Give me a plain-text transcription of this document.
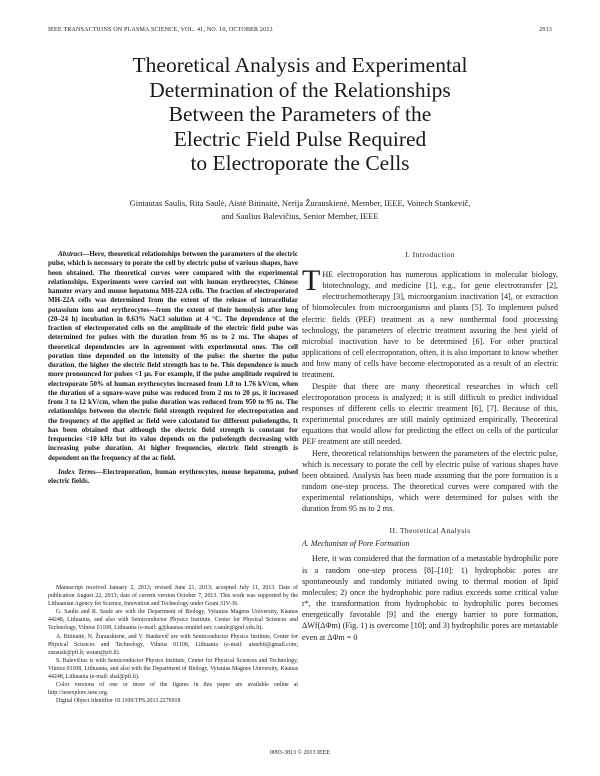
IEEE TRANSACTIONS ON PLASMA SCIENCE, VOL. 41, NO. 10, OCTOBER 2013	2913
Theoretical Analysis and Experimental
Determination of the Relationships
Between the Parameters of the
Electric Field Pulse Required
to Electroporate the Cells
Gintautas Saulis, Rita Saulė, Aistė Bitinaitė, Nerija Žurauskienė, Member, IEEE, Voitech Stankevič,
and Saulius Balevičius, Senior Member, IEEE

Abstract—Here, theoretical relationships between the parameters of the electric pulse, which is necessary to porate the cell by electric pulse of various shapes, have been obtained. The theoretical curves were compared with the experimental relationships. Experiments were carried out with human erythrocytes, Chinese hamster ovary and mouse hepatoma MH-22A cells. The fraction of electroporated MH-22A cells was determined from the extent of the release of intracellular potassium ions and erythrocytes—from the extent of their hemolysis after long (20–24 h) incubation in 0.63% NaCl solution at 4 °C. The dependence of the fraction of electroporated cells on the amplitude of the electric field pulse was determined for pulses with the duration from 95 ns to 2 ms. The shapes of theoretical dependencies are in agreement with experimental ones. The cell poration time depended on the intensity of the pulse: the shorter the pulse duration, the higher the electric field strength has to be. This dependence is much more pronounced for pulses <1 μs. For example, if the pulse amplitude required to electroporate 50% of human erythrocytes increased from 1.0 to 1.76 kV/cm, when the duration of a square-wave pulse was reduced from 2 ms to 20 μs, it increased from 3 to 12 kV/cm, when the pulse duration was reduced from 950 to 95 ns. The relationships between the electric field strength required for electroporation and the frequency of the applied ac field were calculated for different pulselengths. It has been obtained that although the electric field strength is constant for frequencies <10 kHz but its value depends on the pulselength decreasing with increasing pulse duration. At higher frequencies, electric field strength is dependent on the frequency of the ac field.

Index Terms—Electroporation, human erythrocytes, mouse hepatoma, pulsed electric fields.

Manuscript received January 2, 2013; revised June 21, 2013; accepted July 11, 2013. Date of publication August 22, 2013; date of current version October 7, 2013. This work was supported by the Lithuanian Agency for Science, Innovation and Technology under Grant 31V-36.

G. Saulis and R. Saulė are with the Department of Biology, Vytautas Magnus University, Kaunas 44248, Lithuania, and also with Semiconductor Physics Institute, Center for Physical Sciences and Technology, Vilnius 01108, Lithuania (e-mail: g@kaunas.omnitel.net; r.saule@gmf.vdu.lt).

A. Bitinaitė, N. Žurauskienė, and V. Stankevič are with Semiconductor Physics Institute, Center for Physical Sciences and Technology, Vilnius 01108, Lithuania (e-mail: aistebit@gmail.com; zurausk@pfi.lt; wstan@pfi.lt).

S. Balevičius is with Semiconductor Physics Institute, Center for Physical Sciences and Technology, Vilnius 01108, Lithuania, and also with the Department of Biology, Vytautas Magnus University, Kaunas 44248, Lithuania (e-mail: sbal@pfi.lt).

Color versions of one or more of the figures in this paper are available online at http://ieeexplore.ieee.org.

Digital Object Identifier 10.1109/TPS.2013.2276918

I. Introduction

THE electroporation has numerous applications in molecular biology, biotechnology, and medicine [1], e.g., for gene electrotransfer [2], electrochemotherapy [3], microorganism inactivation [4], or extraction of biomolecules from microorganisms and plants [5]. To implement pulsed electric fields (PEF) treatment as a new nonthermal food processing technology, the parameters of electric treatment assuring the best yield of microbial inactivation have to be determined [6]. For other practical applications of cell electroporation, often, it is also important to know whether and how many of cells have become electroporated as a result of an electric treatment.

Despite that there are many theoretical researches in which cell electroporation process is analyzed; it is still difficult to predict individual responses of different cells to electric treatment [6], [7]. Because of this, experimental procedures are still mainly optimized empirically. Theoretical equations that would allow for predicting the effect on cells of the particular PEF treatment are still needed.

Here, theoretical relationships between the parameters of the electric pulse, which is necessary to porate the cell by electric pulse of various shapes have been obtained. Analysis has been made assuming that the pore formation is a random one-step process. The theoretical curves were compared with the experimental relationships, which were determined for pulses with the duration from 95 ns to 2 ms.

II. Theoretical Analysis
A. Mechanism of Pore Formation

Here, it was considered that the formation of a metastable hydrophilic pore is a random one-step process [8]–[10]: 1) hydrophobic pores are spontaneously and randomly initiated owing to thermal motion of lipid molecules; 2) once the hydrophobic pore radius exceeds some critical value r*, the transformation from hydrophobic to hydrophilic pores becomes energetically favorable [9] and the energy barrier to pore formation, ΔWf(ΔΦm) (Fig. 1) is overcome [10]; and 3) hydrophilic pores are metastable even at ΔΦm = 0

0093-3813 © 2013 IEEE
